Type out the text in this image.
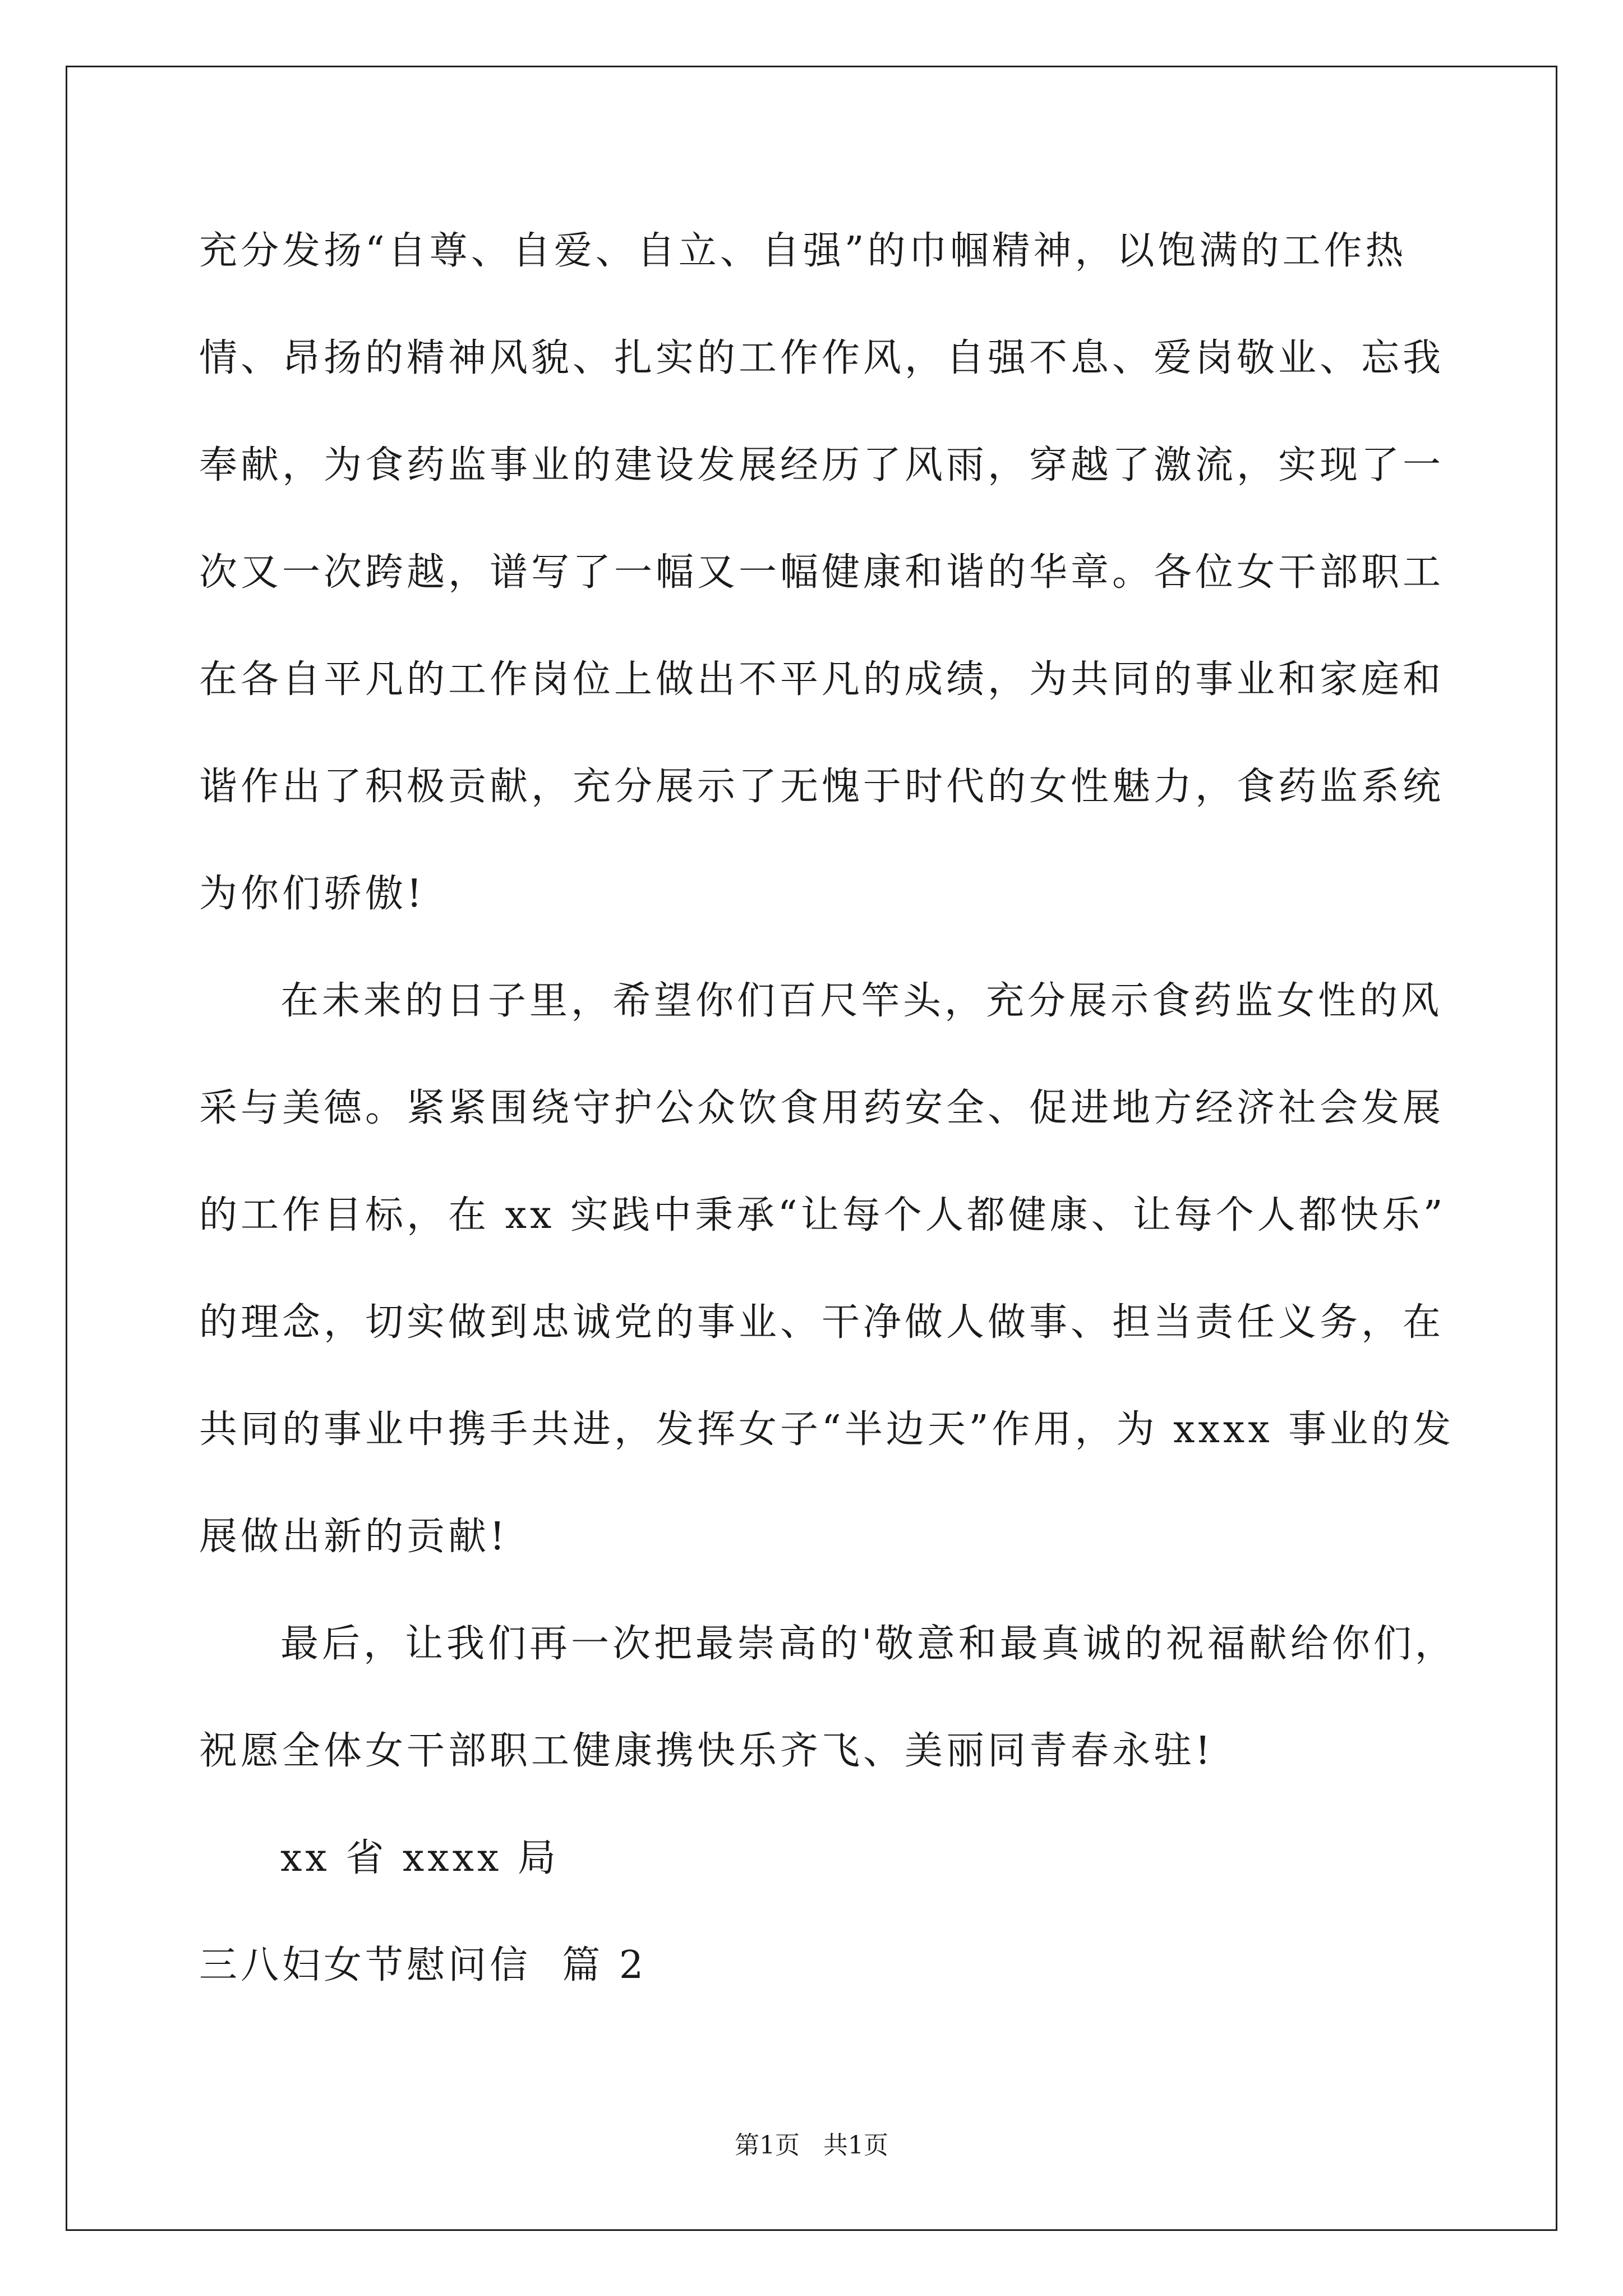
充分发扬“自尊、自爱、自立、自强”的巾帼精神，以饱满的工作热
情、昂扬的精神风貌、扎实的工作作风，自强不息、爱岗敬业、忘我
奉献，为食药监事业的建设发展经历了风雨，穿越了激流，实现了一
次又一次跨越，谱写了一幅又一幅健康和谐的华章。各位女干部职工
在各自平凡的工作岗位上做出不平凡的成绩，为共同的事业和家庭和
谐作出了积极贡献，充分展示了无愧于时代的女性魅力，食药监系统
为你们骄傲!
在未来的日子里，希望你们百尺竿头，充分展示食药监女性的风
采与美德。紧紧围绕守护公众饮食用药安全、促进地方经济社会发展
的工作目标，在 xx 实践中秉承“让每个人都健康、让每个人都快乐”
的理念，切实做到忠诚党的事业、干净做人做事、担当责任义务，在
共同的事业中携手共进，发挥女子“半边天”作用，为 xxxx 事业的发
展做出新的贡献!
最后，让我们再一次把最崇高的'敬意和最真诚的祝福献给你们，
祝愿全体女干部职工健康携快乐齐飞、美丽同青春永驻!
xx 省 xxxx 局
三八妇女节慰问信  篇 2
第1页   共1页
